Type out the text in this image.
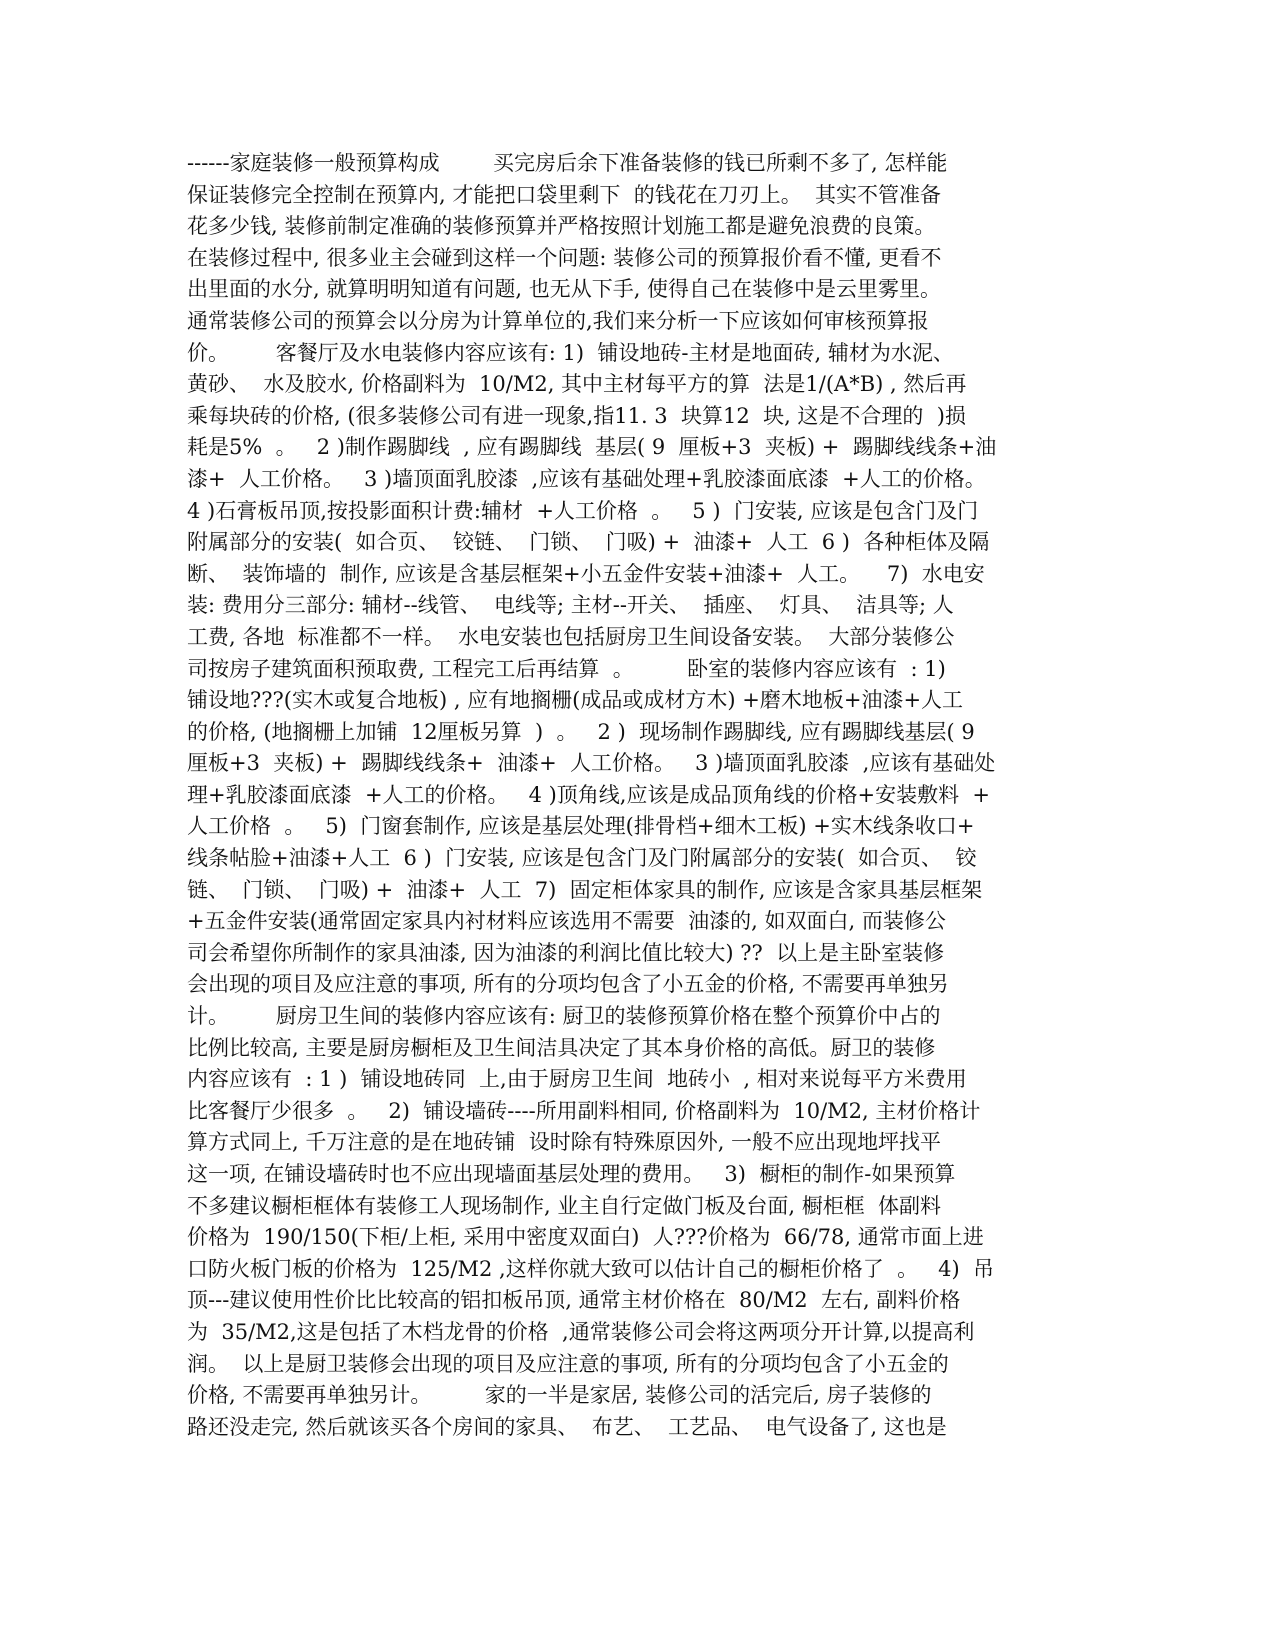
------家庭装修一般预算构成        买完房后余下准备装修的钱已所剩不多了, 怎样能
保证装修完全控制在预算内, 才能把口袋里剩下  的钱花在刀刃上。  其实不管准备
花多少钱, 装修前制定准确的装修预算并严格按照计划施工都是避免浪费的良策。
在装修过程中, 很多业主会碰到这样一个问题: 装修公司的预算报价看不懂, 更看不
出里面的水分, 就算明明知道有问题, 也无从下手, 使得自己在装修中是云里雾里。
通常装修公司的预算会以分房为计算单位的,我们来分析一下应该如何审核预算报
价。       客餐厅及水电装修内容应该有: 1)  铺设地砖-主材是地面砖, 辅材为水泥、
黄砂、  水及胶水, 价格副料为  10/M2, 其中主材每平方的算  法是1/(A*B) , 然后再
乘每块砖的价格, (很多装修公司有进一现象,指11. 3  块算12  块, 这是不合理的  )损
耗是5%  。   2 )制作踢脚线  , 应有踢脚线  基层( 9  厘板+3  夹板) +  踢脚线线条+油
漆+  人工价格。   3 )墙顶面乳胶漆  ,应该有基础处理+乳胶漆面底漆  +人工的价格。
4 )石膏板吊顶,按投影面积计费:辅材  +人工价格  。   5 )  门安装, 应该是包含门及门
附属部分的安装(  如合页、  铰链、  门锁、  门吸) +  油漆+  人工  6 )  各种柜体及隔
断、  装饰墙的  制作, 应该是含基层框架+小五金件安装+油漆+  人工。    7)  水电安
装: 费用分三部分: 辅材--线管、  电线等; 主材--开关、  插座、  灯具、  洁具等; 人
工费, 各地  标准都不一样。  水电安装也包括厨房卫生间设备安装。  大部分装修公
司按房子建筑面积预取费, 工程完工后再结算  。        卧室的装修内容应该有  : 1)
铺设地???(实木或复合地板) , 应有地搁栅(成品或成材方木) +磨木地板+油漆+人工
的价格, (地搁栅上加铺  12厘板另算  )  。   2 )  现场制作踢脚线, 应有踢脚线基层( 9
厘板+3  夹板) +  踢脚线线条+  油漆+  人工价格。   3 )墙顶面乳胶漆  ,应该有基础处
理+乳胶漆面底漆  +人工的价格。   4 )顶角线,应该是成品顶角线的价格+安装敷料  +
人工价格  。   5)  门窗套制作, 应该是基层处理(排骨档+细木工板) +实木线条收口+
线条帖脸+油漆+人工  6 )  门安装, 应该是包含门及门附属部分的安装(  如合页、  铰
链、  门锁、  门吸) +  油漆+  人工  7)  固定柜体家具的制作, 应该是含家具基层框架
+五金件安装(通常固定家具内衬材料应该选用不需要  油漆的, 如双面白, 而装修公
司会希望你所制作的家具油漆, 因为油漆的利润比值比较大) ??  以上是主卧室装修
会出现的项目及应注意的事项, 所有的分项均包含了小五金的价格, 不需要再单独另
计。       厨房卫生间的装修内容应该有: 厨卫的装修预算价格在整个预算价中占的
比例比较高, 主要是厨房橱柜及卫生间洁具决定了其本身价格的高低。厨卫的装修
内容应该有  : 1 )  铺设地砖同  上,由于厨房卫生间  地砖小  , 相对来说每平方米费用
比客餐厅少很多  。   2)  铺设墙砖----所用副料相同, 价格副料为  10/M2, 主材价格计
算方式同上, 千万注意的是在地砖铺  设时除有特殊原因外, 一般不应出现地坪找平
这一项, 在铺设墙砖时也不应出现墙面基层处理的费用。   3)  橱柜的制作-如果预算
不多建议橱柜框体有装修工人现场制作, 业主自行定做门板及台面, 橱柜框  体副料
价格为  190/150(下柜/上柜, 采用中密度双面白)  人???价格为  66/78, 通常市面上进
口防火板门板的价格为  125/M2 ,这样你就大致可以估计自己的橱柜价格了  。   4)  吊
顶---建议使用性价比比较高的铝扣板吊顶, 通常主材价格在  80/M2  左右, 副料价格
为  35/M2,这是包括了木档龙骨的价格  ,通常装修公司会将这两项分开计算,以提高利
润。  以上是厨卫装修会出现的项目及应注意的事项, 所有的分项均包含了小五金的
价格, 不需要再单独另计。        家的一半是家居, 装修公司的活完后, 房子装修的
路还没走完, 然后就该买各个房间的家具、  布艺、  工艺品、  电气设备了, 这也是
